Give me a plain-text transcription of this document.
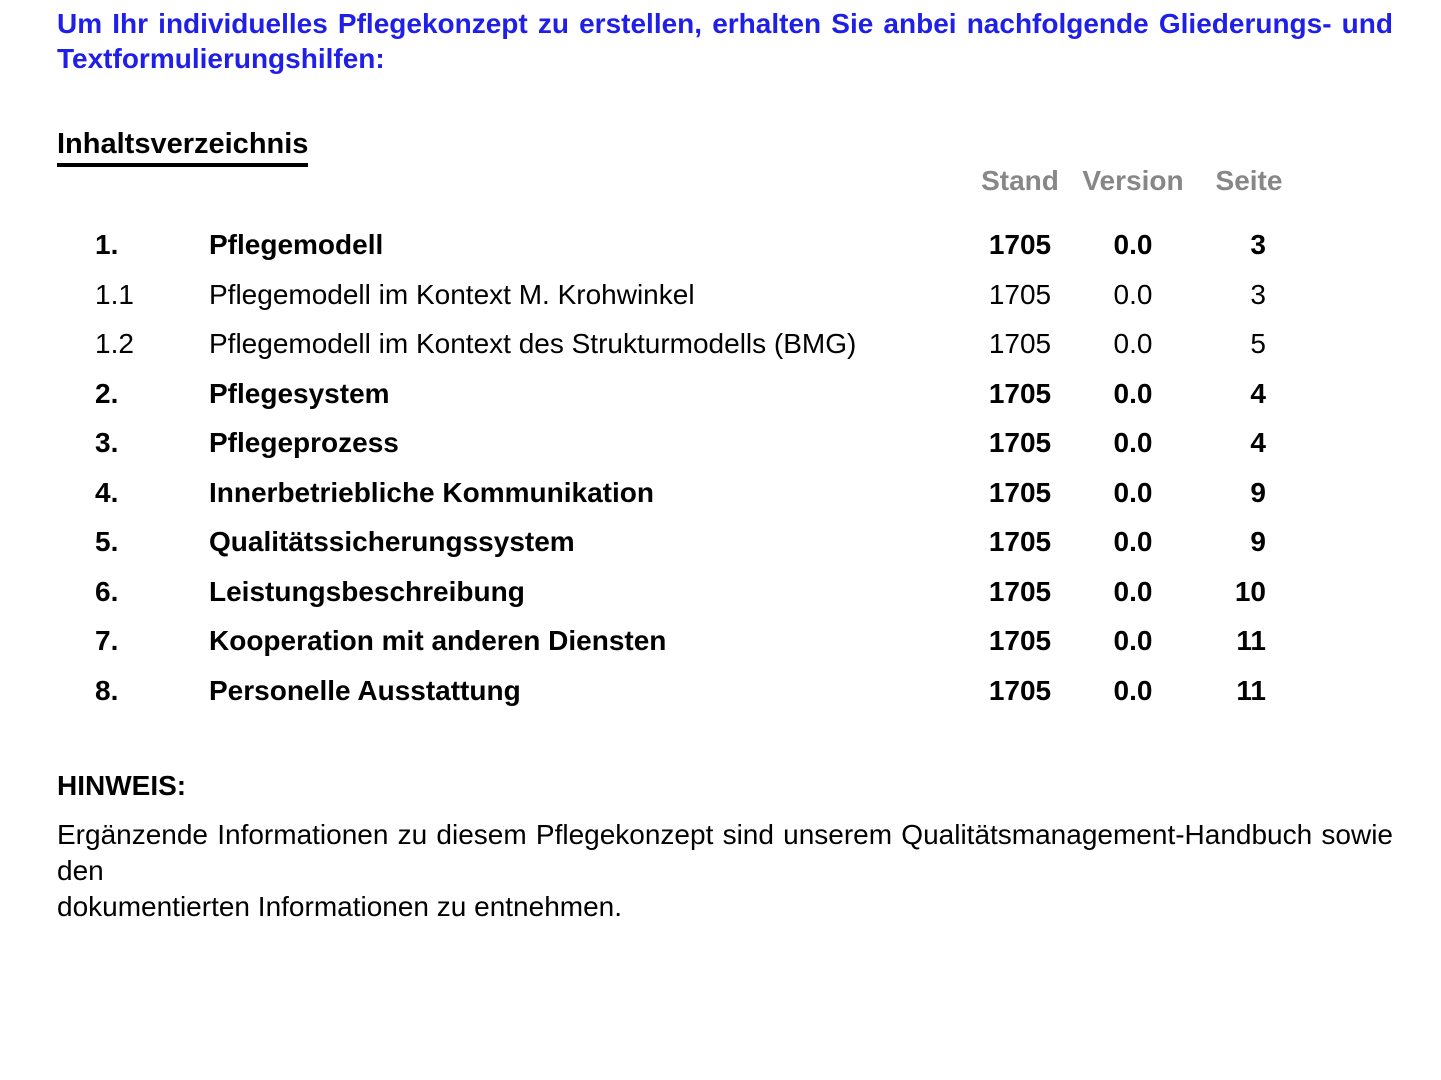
Um Ihr individuelles Pflegekonzept zu erstellen, erhalten Sie anbei nachfolgende Gliederungs- und
Textformulierungshilfen:
Inhaltsverzeichnis
Stand Version	Seite
1.	Pflegemodell	1705	0.0	3
1.1	Pflegemodell im Kontext M. Krohwinkel	1705	0.0	3
1.2	Pflegemodell im Kontext des Strukturmodells (BMG)	1705	0.0	5
2.	Pflegesystem	1705	0.0	4
3.	Pflegeprozess	1705	0.0	4
4.	Innerbetriebliche Kommunikation	1705	0.0	9
5.	Qualitätssicherungssystem	1705	0.0	9
6.	Leistungsbeschreibung	1705	0.0	10
7.	Kooperation mit anderen Diensten	1705	0.0	11
8.	Personelle Ausstattung	1705	0.0	11
HINWEIS:
Ergänzende Informationen zu diesem Pflegekonzept sind unserem Qualitätsmanagement-Handbuch sowie den
dokumentierten Informationen zu entnehmen.
